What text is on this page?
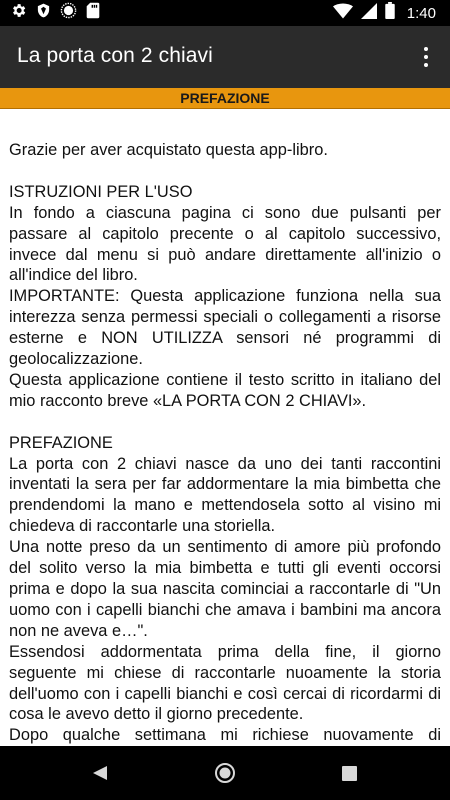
1:40
La porta con 2 chiavi
PREFAZIONE

Grazie per aver acquistato questa app-libro.

ISTRUZIONI PER L'USO

In fondo a ciascuna pagina ci sono due pulsanti per passare al capitolo precente o al capitolo successivo, invece dal menu si può andare direttamente all'inizio o all'indice del libro.

IMPORTANTE: Questa applicazione funziona nella sua interezza senza permessi speciali o collegamenti a risorse esterne e NON UTILIZZA sensori né programmi di geolocalizzazione.

Questa applicazione contiene il testo scritto in italiano del mio racconto breve «LA PORTA CON 2 CHIAVI».

PREFAZIONE

La porta con 2 chiavi nasce da uno dei tanti raccontini inventati la sera per far addormentare la mia bimbetta che prendendomi la mano e mettendosela sotto al visino mi chiedeva di raccontarle una storiella.

Una notte preso da un sentimento di amore più profondo del solito verso la mia bimbetta e tutti gli eventi occorsi prima e dopo la sua nascita cominciai a raccontarle di "Un uomo con i capelli bianchi che amava i bambini ma ancora non ne aveva e…".

Essendosi addormentata prima della fine, il giorno seguente mi chiese di raccontarle nuoamente la storia dell'uomo con i capelli bianchi e così cercai di ricordarmi di cosa le avevo detto il giorno precedente.

Dopo qualche settimana mi richiese nuovamente di
